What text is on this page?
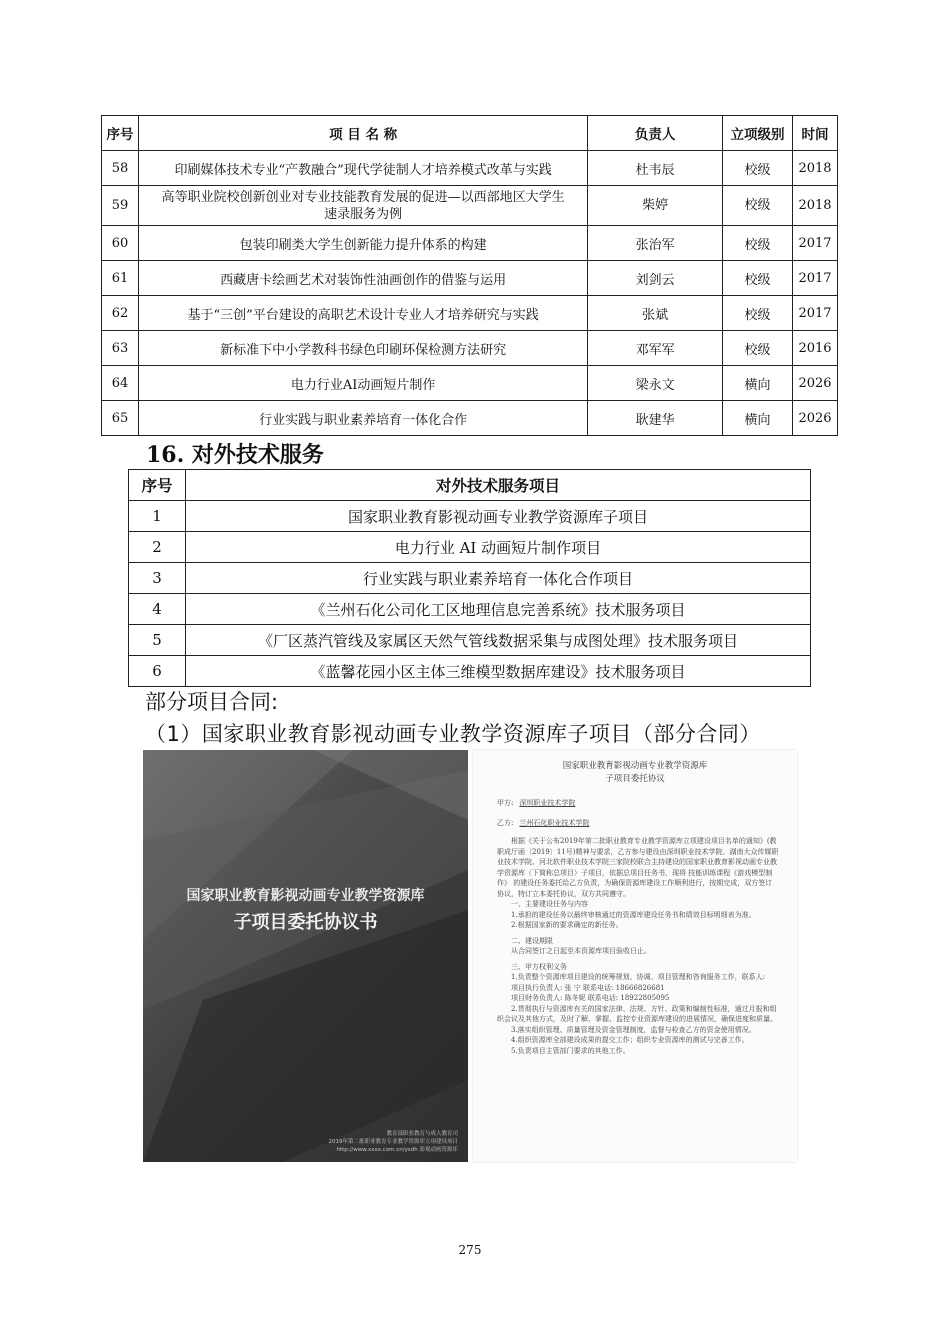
序号	项 目 名 称	负责人	立项级别	时间
58	印刷媒体技术专业“产教融合”现代学徒制人才培养模式改革与实践	杜韦辰	校级	2018
59	高等职业院校创新创业对专业技能教育发展的促进—以西部地区大学生
速录服务为例	柴婷	校级	2018
60	包装印刷类大学生创新能力提升体系的构建	张治军	校级	2017
61	西藏唐卡绘画艺术对装饰性油画创作的借鉴与运用	刘剑云	校级	2017
62	基于“三创”平台建设的高职艺术设计专业人才培养研究与实践	张斌	校级	2017
63	新标准下中小学教科书绿色印刷环保检测方法研究	邓军军	校级	2016
64	电力行业AI动画短片制作	梁永文	横向	2026
65	行业实践与职业素养培育一体化合作	耿建华	横向	2026
16. 对外技术服务
序号	对外技术服务项目
1	国家职业教育影视动画专业教学资源库子项目
2	电力行业 AI 动画短片制作项目
3	行业实践与职业素养培育一体化合作项目
4	《兰州石化公司化工区地理信息完善系统》技术服务项目
5	《厂区蒸汽管线及家属区天然气管线数据采集与成图处理》技术服务项目
6	《蓝馨花园小区主体三维模型数据库建设》技术服务项目

部分项目合同:

（1）国家职业教育影视动画专业教学资源库子项目（部分合同）

国家职业教育影视动画专业教学资源库
子项目委托协议书
教育部职业教育与成人教育司
2019年第二批职业教育专业教学资源库立项建设项目
http://www.xxxx.com.cn/ysdh 影视动画资源库
国家职业教育影视动画专业教学资源库
子项目委托协议
甲方: 深圳职业技术学院
乙方: 兰州石化职业技术学院

根据《关于公布2019年第二批职业教育专业教学资源库立项建设项目名单的通知》(教职成厅函〔2019〕11号)精神与要求，乙方参与建设由深圳职业技术学院、湖南大众传媒职业技术学院、河北软件职业技术学院三家院校联合主持建设的国家职业教育影视动画专业教学资源库（下简称总项目）子项目，依据总项目任务书，现将 技能训练课程《游戏模型制作》 的建设任务委托给乙方负责，为确保资源库建设工作顺利进行，按期完成，双方签订协议，特订立本委托协议，双方共同遵守。

一、主要建设任务与内容

1.承担的建设任务以最终审核通过的资源库建设任务书和绩效目标明细表为准。

2.根据国家新的要求确定的新任务。

二、建设期限

从合同签订之日起至本资源库项目验收日止。

三、甲方权利义务

1.负责整个资源库项目建设的统筹规划、协调、项目管理和咨询服务工作，联系人:

项目执行负责人: 张 宁 联系电话: 18666826681

项目财务负责人: 陈冬妮 联系电话: 18922805095

2.贯彻执行与资源库有关的国家法律、法规、方针、政策和编制性标准，通过月报和组织会议及其他方式，及时了解、掌握、监控专业资源库建设的进展情况，确保进度和质量。

3.落实组织管理、质量管理及资金管理制度，监督与检查乙方的资金使用情况。

4.组织资源库全部建设成果的提交工作；组织专业资源库的测试与完善工作。

5.负责项目主管部门要求的其他工作。

275
